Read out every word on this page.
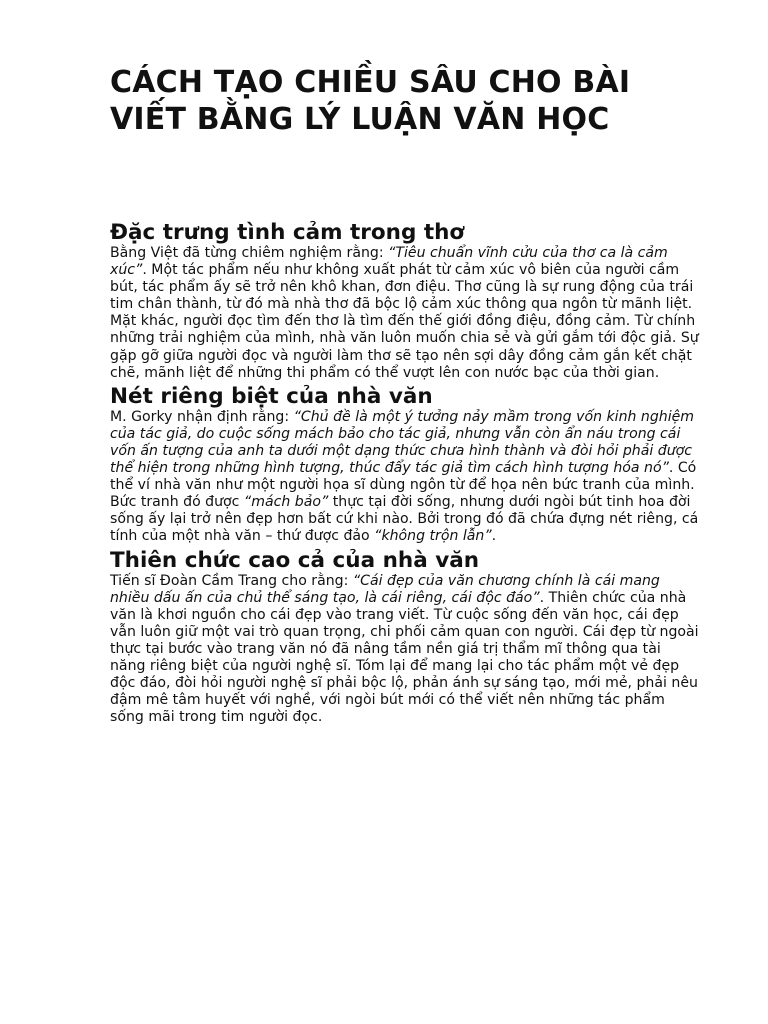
CÁCH TẠO CHIỀU SÂU CHO BÀI VIẾT BẰNG LÝ LUẬN VĂN HỌC
Đặc trưng tình cảm trong thơ

Bằng Việt đã từng chiêm nghiệm rằng: “Tiêu chuẩn vĩnh cửu của thơ ca là cảm xúc”. Một tác phẩm nếu như không xuất phát từ cảm xúc vô biên của người cầm bút, tác phẩm ấy sẽ trở nên khô khan, đơn điệu. Thơ cũng là sự rung động của trái tim chân thành, từ đó mà nhà thơ đã bộc lộ cảm xúc thông qua ngôn từ mãnh liệt. Mặt khác, người đọc tìm đến thơ là tìm đến thế giới đồng điệu, đồng cảm. Từ chính những trải nghiệm của mình, nhà văn luôn muốn chia sẻ và gửi gắm tới độc giả. Sự gặp gỡ giữa người đọc và người làm thơ sẽ tạo nên sợi dây đồng cảm gắn kết chặt chẽ, mãnh liệt để những thi phẩm có thể vượt lên con nước bạc của thời gian.

Nét riêng biệt của nhà văn

M. Gorky nhận định rằng: “Chủ đề là một ý tưởng nảy mầm trong vốn kinh nghiệm của tác giả, do cuộc sống mách bảo cho tác giả, nhưng vẫn còn ẩn náu trong cái vốn ấn tượng của anh ta dưới một dạng thức chưa hình thành và đòi hỏi phải được thể hiện trong những hình tượng, thúc đẩy tác giả tìm cách hình tượng hóa nó”. Có thể ví nhà văn như một người họa sĩ dùng ngôn từ để họa nên bức tranh của mình. Bức tranh đó được “mách bảo” thực tại đời sống, nhưng dưới ngòi bút tinh hoa đời sống ấy lại trở nên đẹp hơn bất cứ khi nào. Bởi trong đó đã chứa đựng nét riêng, cá tính của một nhà văn – thứ được đảo “không trộn lẫn”.

Thiên chức cao cả của nhà văn

Tiến sĩ Đoàn Cầm Trang cho rằng: “Cái đẹp của văn chương chính là cái mang nhiều dấu ấn của chủ thể sáng tạo, là cái riêng, cái độc đáo”. Thiên chức của nhà văn là khơi nguồn cho cái đẹp vào trang viết. Từ cuộc sống đến văn học, cái đẹp vẫn luôn giữ một vai trò quan trọng, chi phối cảm quan con người. Cái đẹp từ ngoài thực tại bước vào trang văn nó đã nâng tầm nền giá trị thẩm mĩ thông qua tài năng riêng biệt của người nghệ sĩ. Tóm lại để mang lại cho tác phẩm một vẻ đẹp độc đáo, đòi hỏi người nghệ sĩ phải bộc lộ, phản ánh sự sáng tạo, mới mẻ, phải nêu đậm mê tâm huyết với nghề, với ngòi bút mới có thể viết nên những tác phẩm sống mãi trong tim người đọc.
